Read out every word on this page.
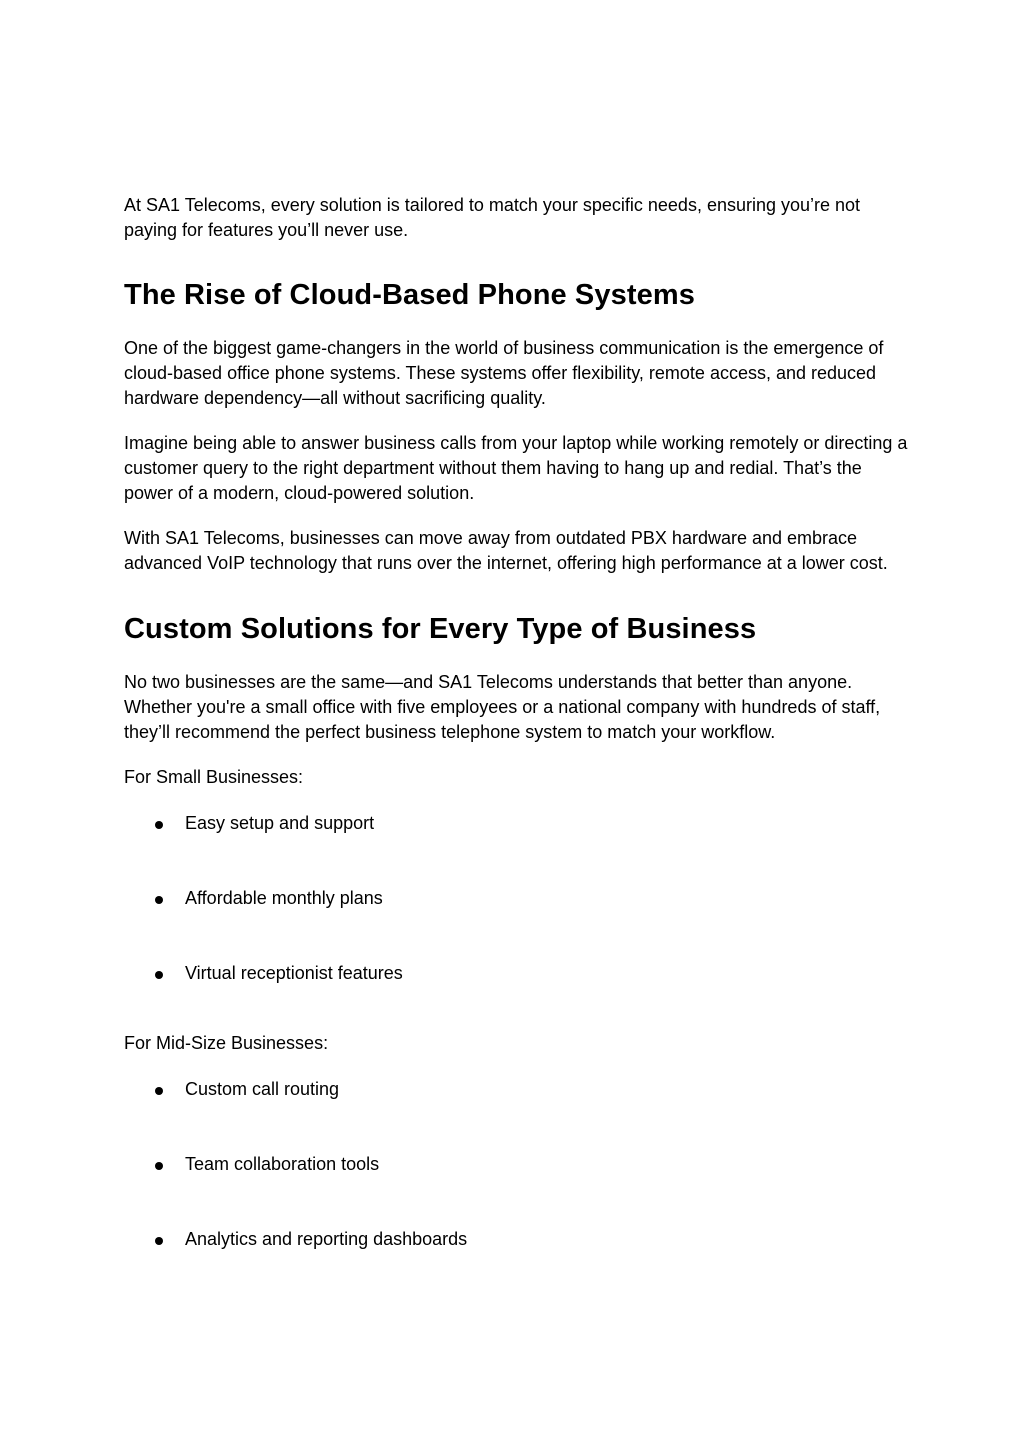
At SA1 Telecoms, every solution is tailored to match your specific needs, ensuring you’re not paying for features you’ll never use.

The Rise of Cloud-Based Phone Systems

One of the biggest game-changers in the world of business communication is the emergence of cloud-based office phone systems. These systems offer flexibility, remote access, and reduced hardware dependency—all without sacrificing quality.

Imagine being able to answer business calls from your laptop while working remotely or directing a customer query to the right department without them having to hang up and redial. That’s the power of a modern, cloud-powered solution.

With SA1 Telecoms, businesses can move away from outdated PBX hardware and embrace advanced VoIP technology that runs over the internet, offering high performance at a lower cost.

Custom Solutions for Every Type of Business

No two businesses are the same—and SA1 Telecoms understands that better than anyone. Whether you're a small office with five employees or a national company with hundreds of staff, they’ll recommend the perfect business telephone system to match your workflow.

For Small Businesses:

Easy setup and support
Affordable monthly plans
Virtual receptionist features

For Mid-Size Businesses:

Custom call routing
Team collaboration tools
Analytics and reporting dashboards
